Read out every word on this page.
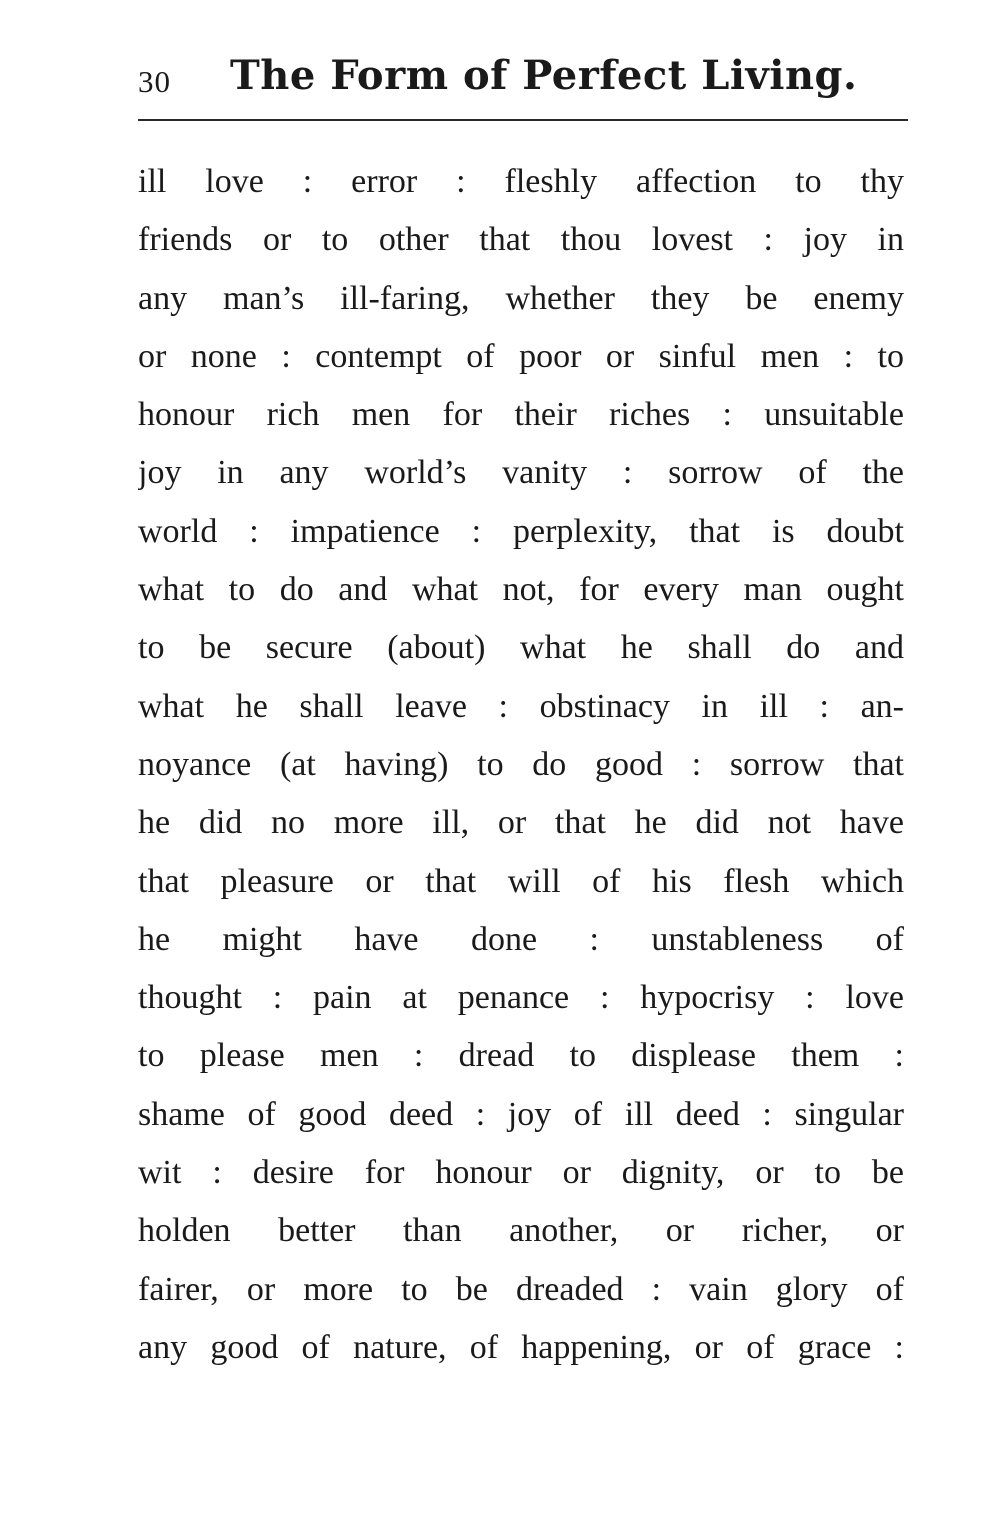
30 The Form of Perfect Living.
ill love : error : fleshly affection to thy
friends or to other that thou lovest : joy in
any man’s ill-faring, whether they be enemy
or none : contempt of poor or sinful men : to
honour rich men for their riches : unsuitable
joy in any world’s vanity : sorrow of the
world : impatience : perplexity, that is doubt
what to do and what not, for every man ought
to be secure (about) what he shall do and
what he shall leave : obstinacy in ill : an-
noyance (at having) to do good : sorrow that
he did no more ill, or that he did not have
that pleasure or that will of his flesh which
he might have done : unstableness of
thought : pain at penance : hypocrisy : love
to please men : dread to displease them :
shame of good deed : joy of ill deed : singular
wit : desire for honour or dignity, or to be
holden better than another, or richer, or
fairer, or more to be dreaded : vain glory of
any good of nature, of happening, or of grace :
